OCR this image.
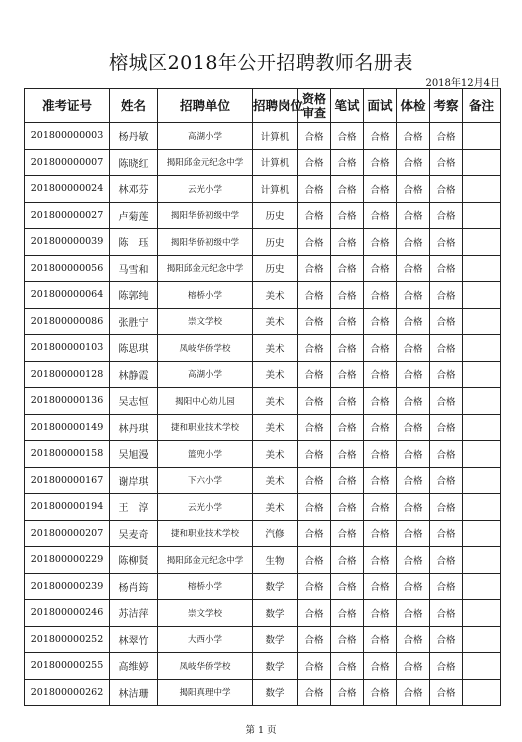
榕城区2018年公开招聘教师名册表
2018年12月4日
准考证号	姓名	招聘单位	招聘岗位	资格审查	笔试	面试	体检	考察	备注
201800000003	杨丹敏	高湖小学	计算机	合格	合格	合格	合格	合格	
201800000007	陈晓红	揭阳邱金元纪念中学	计算机	合格	合格	合格	合格	合格	
201800000024	林邓芬	云光小学	计算机	合格	合格	合格	合格	合格	
201800000027	卢菊莲	揭阳华侨初级中学	历史	合格	合格	合格	合格	合格	
201800000039	陈　珏	揭阳华侨初级中学	历史	合格	合格	合格	合格	合格	
201800000056	马雪和	揭阳邱金元纪念中学	历史	合格	合格	合格	合格	合格	
201800000064	陈郭纯	榕桥小学	美术	合格	合格	合格	合格	合格	
201800000086	张胜宁	崇文学校	美术	合格	合格	合格	合格	合格	
201800000103	陈思琪	凤岐华侨学校	美术	合格	合格	合格	合格	合格	
201800000128	林静霞	高湖小学	美术	合格	合格	合格	合格	合格	
201800000136	吴志恒	揭阳中心幼儿园	美术	合格	合格	合格	合格	合格	
201800000149	林丹琪	捷和职业技术学校	美术	合格	合格	合格	合格	合格	
201800000158	吴旭漫	篮兜小学	美术	合格	合格	合格	合格	合格	
201800000167	谢岸琪	下六小学	美术	合格	合格	合格	合格	合格	
201800000194	王　淳	云光小学	美术	合格	合格	合格	合格	合格	
201800000207	吴麦奇	捷和职业技术学校	汽修	合格	合格	合格	合格	合格	
201800000229	陈柳贤	揭阳邱金元纪念中学	生物	合格	合格	合格	合格	合格	
201800000239	杨肖筠	榕桥小学	数学	合格	合格	合格	合格	合格	
201800000246	苏洁萍	崇文学校	数学	合格	合格	合格	合格	合格	
201800000252	林翠竹	大西小学	数学	合格	合格	合格	合格	合格	
201800000255	高维婷	凤岐华侨学校	数学	合格	合格	合格	合格	合格	
201800000262	林洁珊	揭阳真理中学	数学	合格	合格	合格	合格	合格	
第 1 页
